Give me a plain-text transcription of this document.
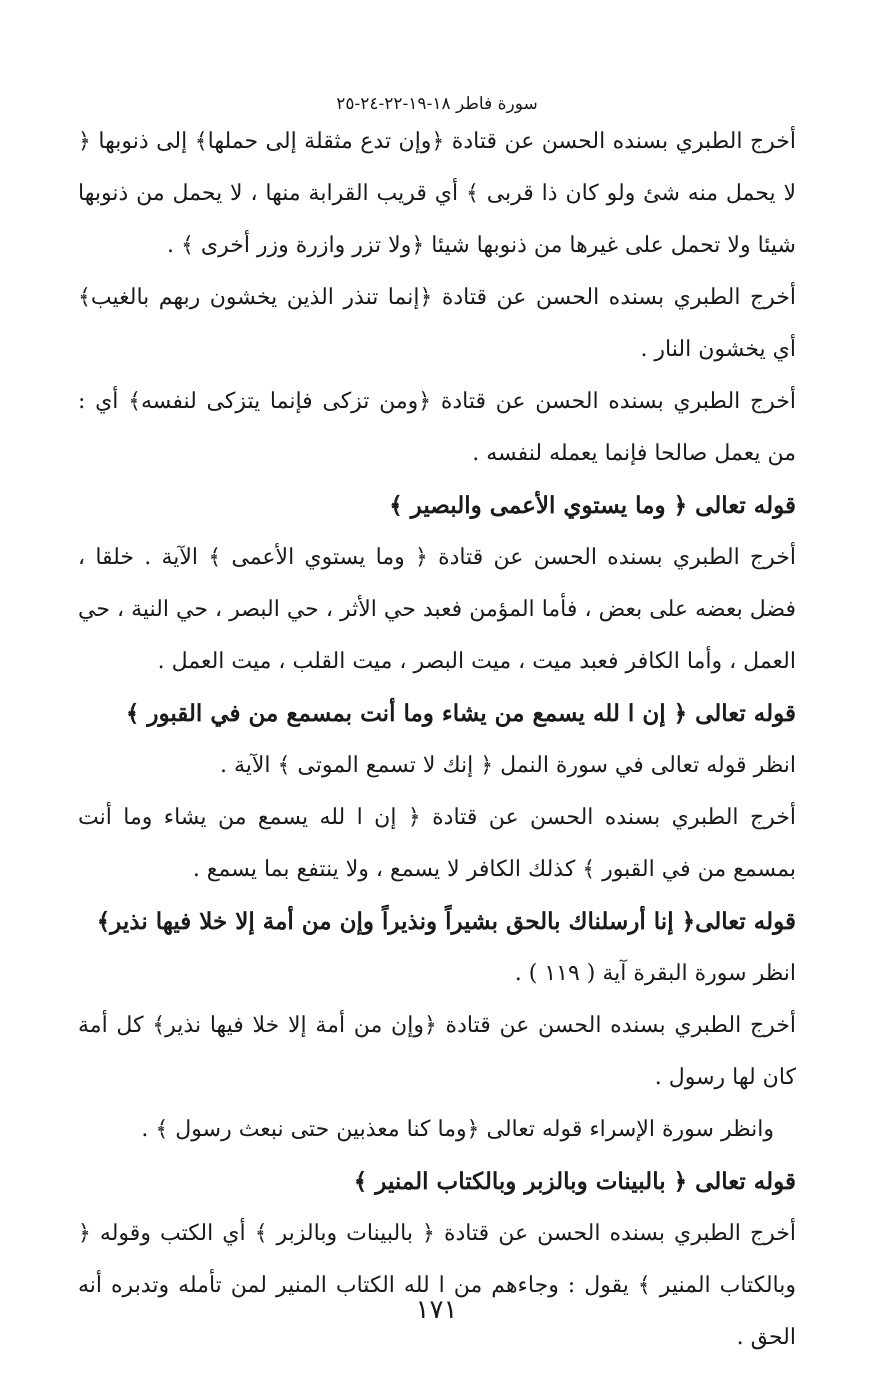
سورة فاطر ١٨-١٩-٢٢-٢٤-٢٥

أخرج الطبري بسنده الحسن عن قتادة ﴿وإن تدع مثقلة إلى حملها﴾ إلى ذنوبها ﴿ لا يحمل منه شئ ولو كان ذا قربى ﴾ أي قريب القرابة منها ، لا يحمل من ذنوبها شيئا ولا تحمل على غيرها من ذنوبها شيئا ﴿ولا تزر وازرة وزر أخرى ﴾ .

أخرج الطبري بسنده الحسن عن قتادة ﴿إنما تنذر الذين يخشون ربهم بالغيب﴾ أي يخشون النار .

أخرج الطبري بسنده الحسن عن قتادة ﴿ومن تزكى فإنما يتزكى لنفسه﴾ أي : من يعمل صالحا فإنما يعمله لنفسه .

قوله تعالى ﴿ وما يستوي الأعمى والبصير ﴾

أخرج الطبري بسنده الحسن عن قتادة ﴿ وما يستوي الأعمى ﴾ الآية . خلقا ، فضل بعضه على بعض ، فأما المؤمن فعبد حي الأثر ، حي البصر ، حي النية ، حي العمل ، وأما الكافر فعبد ميت ، ميت البصر ، ميت القلب ، ميت العمل .

قوله تعالى ﴿ إن ا لله يسمع من يشاء وما أنت بمسمع من في القبور ﴾

انظر قوله تعالى في سورة النمل ﴿ إنك لا تسمع الموتى ﴾ الآية .

أخرج الطبري بسنده الحسن عن قتادة ﴿ إن ا لله يسمع من يشاء وما أنت بمسمع من في القبور ﴾ كذلك الكافر لا يسمع ، ولا ينتفع بما يسمع .

قوله تعالى﴿ إنا أرسلناك بالحق بشيراً ونذيراً وإن من أمة إلا خلا فيها نذير﴾

انظر سورة البقرة آية ( ١١٩ ) .

أخرج الطبري بسنده الحسن عن قتادة ﴿وإن من أمة إلا خلا فيها نذير﴾ كل أمة كان لها رسول .

وانظر سورة الإسراء قوله تعالى ﴿وما كنا معذبين حتى نبعث رسول ﴾ .

قوله تعالى ﴿ بالبينات وبالزبر وبالكتاب المنير ﴾

أخرج الطبري بسنده الحسن عن قتادة ﴿ بالبينات وبالزبر ﴾ أي الكتب وقوله ﴿ وبالكتاب المنير ﴾ يقول : وجاءهم من ا لله الكتاب المنير لمن تأمله وتدبره أنه الحق .

١٧١
